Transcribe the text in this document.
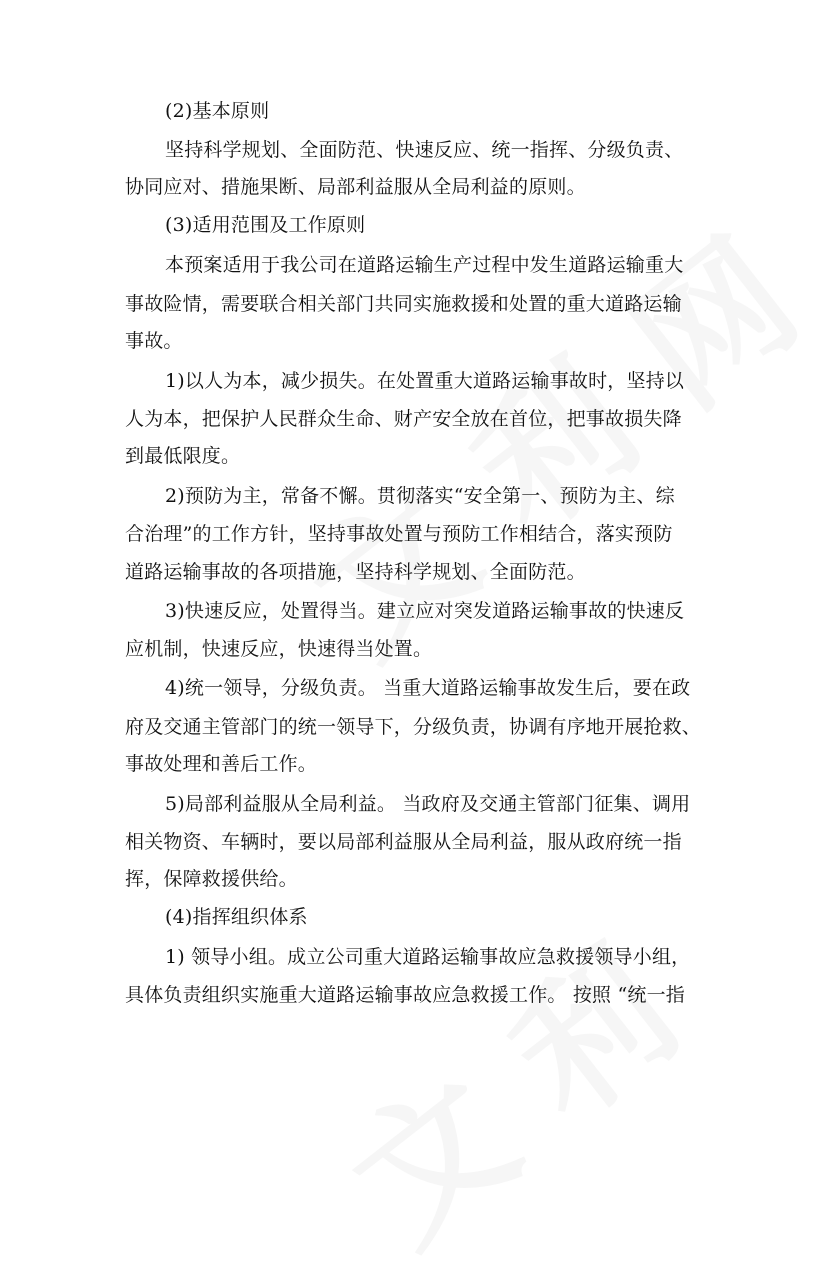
(2)基本原则
坚持科学规划、全面防范、快速反应、统一指挥、分级负责、
协同应对、措施果断、局部利益服从全局利益的原则。
(3)适用范围及工作原则
本预案适用于我公司在道路运输生产过程中发生道路运输重大
事故险情，需要联合相关部门共同实施救援和处置的重大道路运输
事故。
1)以人为本，减少损失。在处置重大道路运输事故时，坚持以
人为本，把保护人民群众生命、财产安全放在首位，把事故损失降
到最低限度。
2)预防为主，常备不懈。贯彻落实“安全第一、预防为主、综
合治理”的工作方针，坚持事故处置与预防工作相结合，落实预防
道路运输事故的各项措施，坚持科学规划、全面防范。
3)快速反应，处置得当。建立应对突发道路运输事故的快速反
应机制，快速反应，快速得当处置。
4)统一领导，分级负责。 当重大道路运输事故发生后，要在政
府及交通主管部门的统一领导下，分级负责，协调有序地开展抢救、
事故处理和善后工作。
5)局部利益服从全局利益。 当政府及交通主管部门征集、调用
相关物资、车辆时，要以局部利益服从全局利益，服从政府统一指
挥，保障救援供给。
(4)指挥组织体系
1) 领导小组。成立公司重大道路运输事故应急救援领导小组，
具体负责组织实施重大道路运输事故应急救援工作。 按照 “统一指
